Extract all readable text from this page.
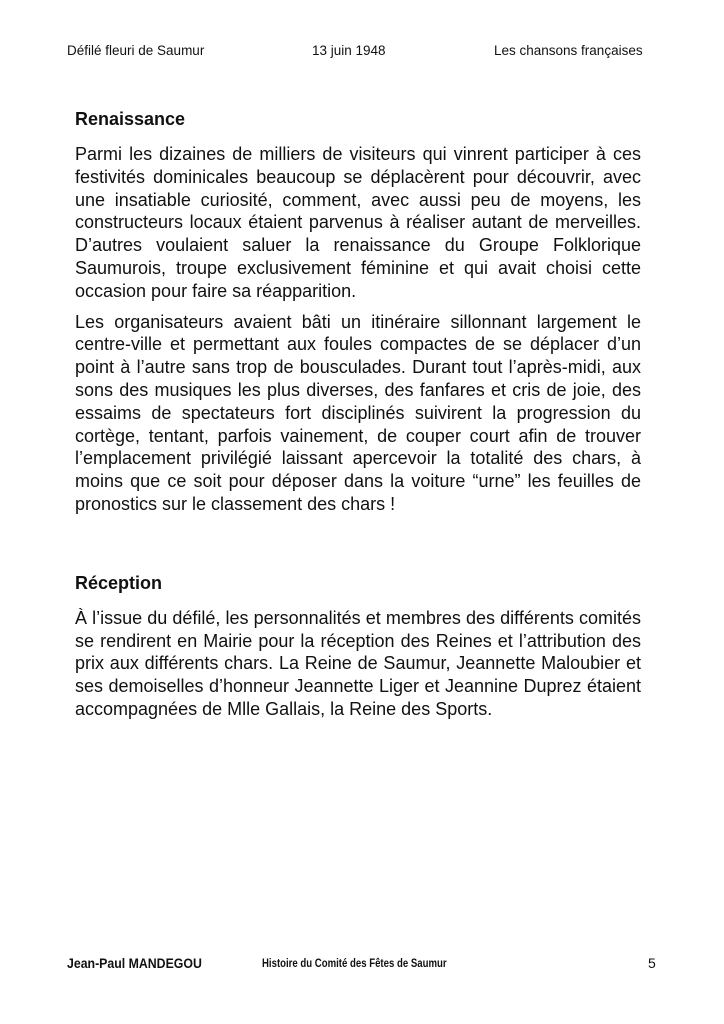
Défilé fleuri de Saumur	13 juin 1948	Les chansons françaises
Renaissance

Parmi les dizaines de milliers de visiteurs qui vinrent participer à ces festivités dominicales beaucoup se déplacèrent pour découvrir, avec une insatiable curiosité, comment, avec aussi peu de moyens, les constructeurs locaux étaient parvenus à réaliser autant de merveilles. D’autres voulaient saluer la renaissance du Groupe Folklorique Saumurois, troupe exclusivement féminine et qui avait choisi cette occasion pour faire sa réapparition.

Les organisateurs avaient bâti un itinéraire sillonnant largement le centre-ville et permettant aux foules compactes de se déplacer d’un point à l’autre sans trop de bousculades. Durant tout l’après-midi, aux sons des musiques les plus diverses, des fanfares et cris de joie, des essaims de spectateurs fort disciplinés suivirent la progression du cortège, tentant, parfois vainement, de couper court afin de trouver l’emplacement privilégié laissant apercevoir la totalité des chars, à moins que ce soit pour déposer dans la voiture “urne” les feuilles de pronostics sur le classement des chars !

Réception

À l’issue du défilé, les personnalités et membres des différents comités se rendirent en Mairie pour la réception des Reines et l’attribution des prix aux différents chars. La Reine de Saumur, Jeannette Maloubier et ses demoiselles d’honneur Jeannette Liger et Jeannine Duprez étaient accompagnées de Mlle Gallais, la Reine des Sports.

Jean-Paul MANDEGOU	Histoire du Comité des Fêtes de Saumur	5
